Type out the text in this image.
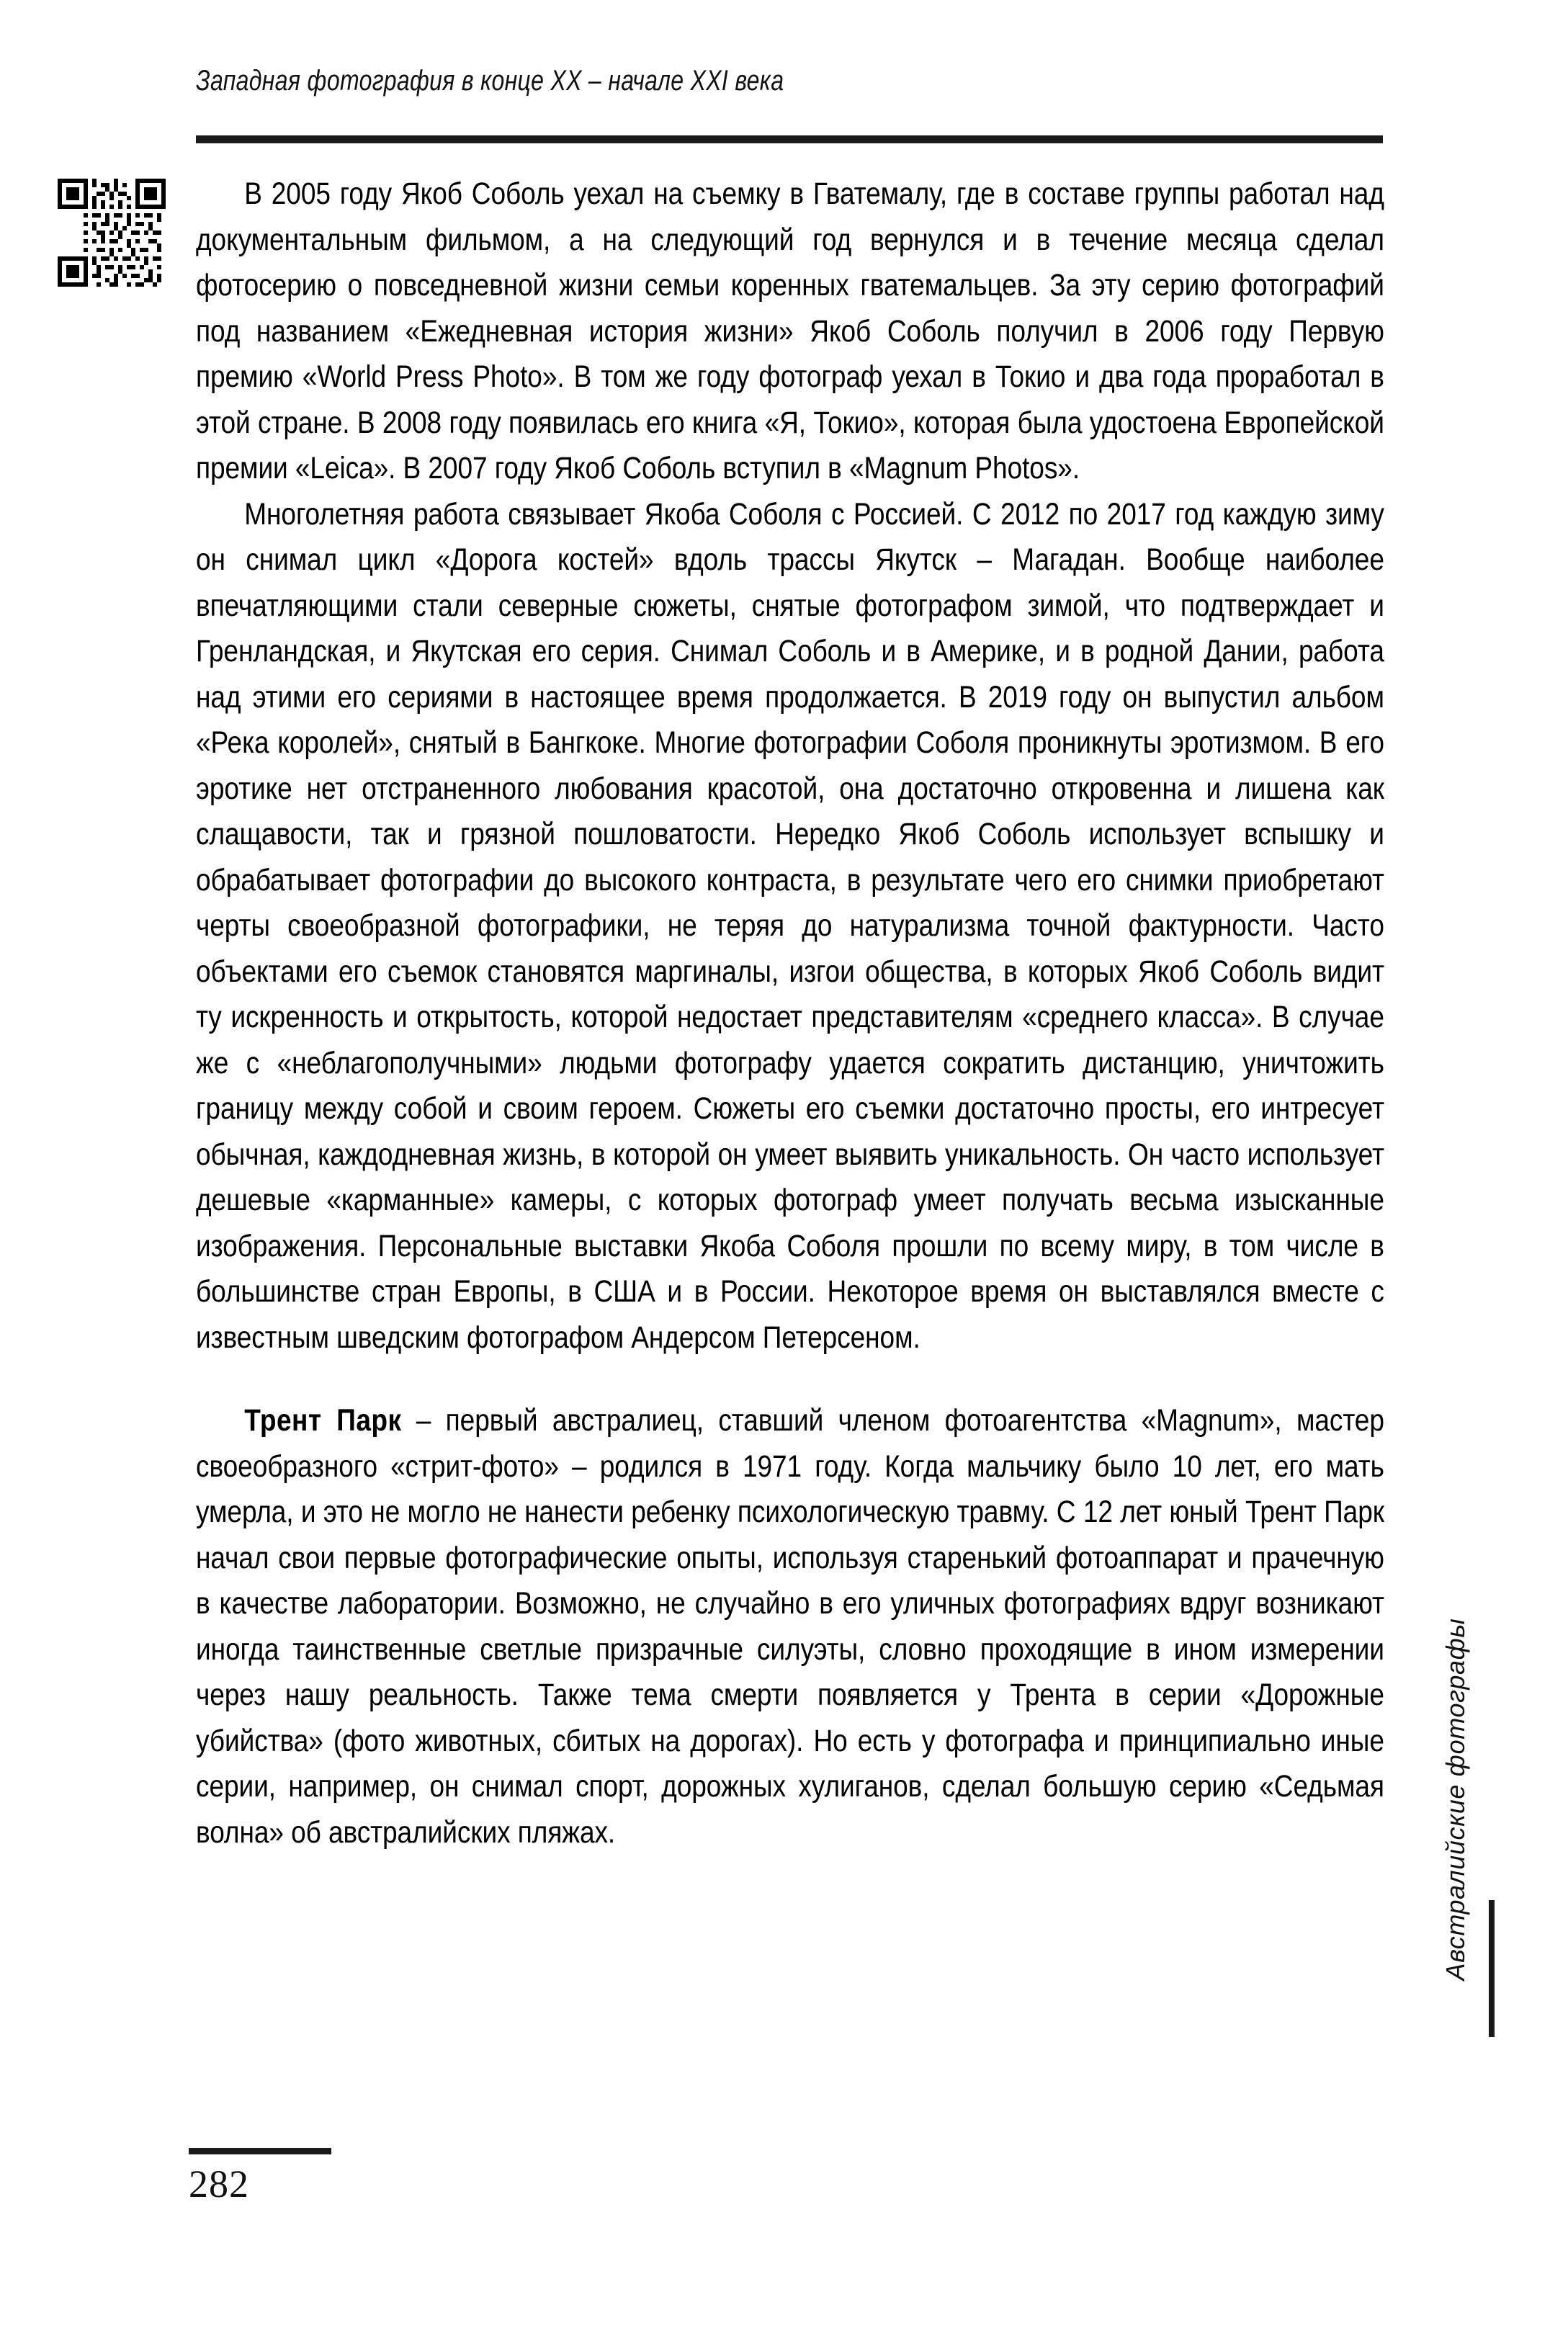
Западная фотография в конце XX – начале XXI века

В 2005 году Якоб Соболь уехал на съемку в Гватемалу, где в составе группы работал над документальным фильмом, а на следующий год вернулся и в течение месяца сделал фотосерию о повседневной жизни семьи коренных гватемальцев. За эту серию фотографий под названием «Ежедневная история жизни» Якоб Соболь получил в 2006 году Первую премию «World Press Photo». В том же году фотограф уехал в Токио и два года проработал в этой стране. В 2008 году появилась его книга «Я, Токио», которая была удостоена Европейской премии «Leica». В 2007 году Якоб Соболь вступил в «Magnum Photos».

Многолетняя работа связывает Якоба Соболя с Россией. С 2012 по 2017 год каждую зиму он снимал цикл «Дорога костей» вдоль трассы Якутск – Магадан. Вообще наиболее впечатляющими стали северные сюжеты, снятые фотографом зимой, что подтверждает и Гренландская, и Якутская его серия. Снимал Соболь и в Америке, и в родной Дании, работа над этими его сериями в настоящее время продолжается. В 2019 году он выпустил альбом «Река королей», снятый в Бангкоке. Многие фотографии Соболя проникнуты эротизмом. В его эротике нет отстраненного любования красотой, она достаточно откровенна и лишена как слащавости, так и грязной пошловатости. Нередко Якоб Соболь использует вспышку и обрабатывает фотографии до высокого контраста, в результате чего его снимки приобретают черты своеобразной фотографики, не теряя до натурализма точной фактурности. Часто объектами его съемок становятся маргиналы, изгои общества, в которых Якоб Соболь видит ту искренность и открытость, которой недостает представителям «среднего класса». В случае же с «неблагополучными» людьми фотографу удается сократить дистанцию, уничтожить границу между собой и своим героем. Сюжеты его съемки достаточно просты, его интресует обычная, каждодневная жизнь, в которой он умеет выявить уникальность. Он часто использует дешевые «карманные» камеры, с которых фотограф умеет получать весьма изысканные изображения. Персональные выставки Якоба Соболя прошли по всему миру, в том числе в большинстве стран Европы, в США и в России. Некоторое время он выставлялся вместе с известным шведским фотографом Андерсом Петерсеном.

Трент Парк – первый австралиец, ставший членом фотоагентства «Magnum», мастер своеобразного «стрит-фото» – родился в 1971 году. Когда мальчику было 10 лет, его мать умерла, и это не могло не нанести ребенку психологическую травму. С 12 лет юный Трент Парк начал свои первые фотографические опыты, используя старенький фотоаппарат и прачечную в качестве лаборатории. Возможно, не случайно в его уличных фотографиях вдруг возникают иногда таинственные светлые призрачные силуэты, словно проходящие в ином измерении через нашу реальность. Также тема смерти появляется у Трента в серии «Дорожные убийства» (фото животных, сбитых на дорогах). Но есть у фотографа и принципиально иные серии, например, он снимал спорт, дорожных хулиганов, сделал большую серию «Седьмая волна» об австралийских пляжах.	Австралийские фотографы
282
